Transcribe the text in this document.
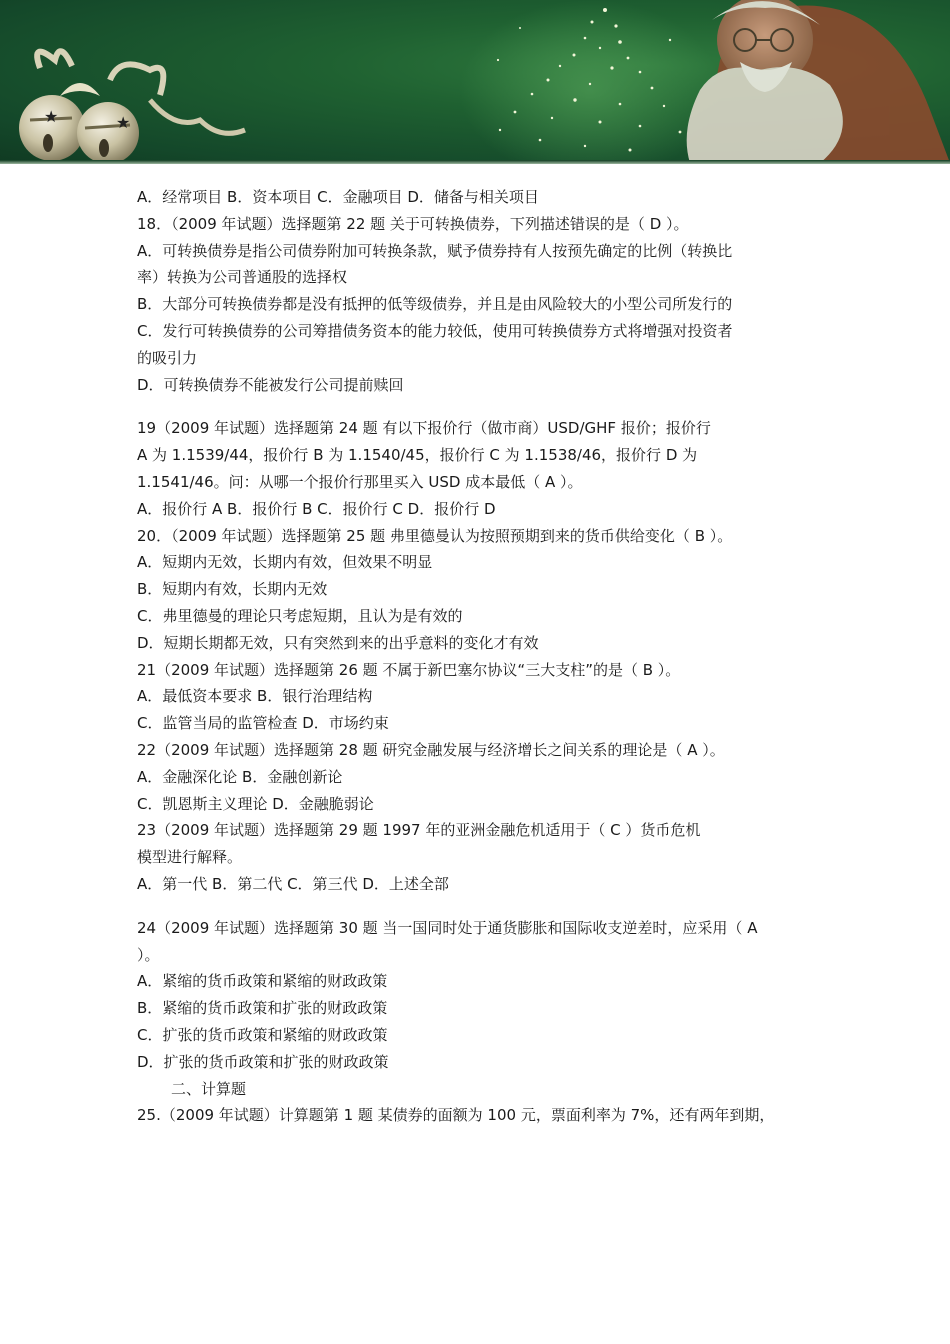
★	★
A．经常项目 B．资本项目 C．金融项目 D．储备与相关项目
18．（2009 年试题）选择题第 22 题 关于可转换债券，下列描述错误的是（ D ）。
A．可转换债券是指公司债券附加可转换条款，赋予债券持有人按预先确定的比例（转换比
率）转换为公司普通股的选择权
B．大部分可转换债券都是没有抵押的低等级债券，并且是由风险较大的小型公司所发行的
C．发行可转换债券的公司筹措债务资本的能力较低，使用可转换债券方式将增强对投资者
的吸引力
D．可转换债券不能被发行公司提前赎回
19（2009 年试题）选择题第 24 题 有以下报价行（做市商）USD/GHF 报价；报价行
A 为 1.1539/44，报价行 B 为 1.1540/45，报价行 C 为 1.1538/46，报价行 D 为
1.1541/46。问：从哪一个报价行那里买入 USD 成本最低（ A ）。
A．报价行 A B．报价行 B C．报价行 C D．报价行 D
20．（2009 年试题）选择题第 25 题 弗里德曼认为按照预期到来的货币供给变化（ B ）。
A．短期内无效，长期内有效，但效果不明显
B．短期内有效，长期内无效
C．弗里德曼的理论只考虑短期，且认为是有效的
D．短期长期都无效，只有突然到来的出乎意料的变化才有效
21（2009 年试题）选择题第 26 题 不属于新巴塞尔协议“三大支柱”的是（ B ）。
A．最低资本要求 B．银行治理结构
C．监管当局的监管检查 D．市场约束
22（2009 年试题）选择题第 28 题 研究金融发展与经济增长之间关系的理论是（ A ）。
A．金融深化论 B．金融创新论
C．凯恩斯主义理论 D．金融脆弱论
23（2009 年试题）选择题第 29 题 1997 年的亚洲金融危机适用于（ C ）货币危机
模型进行解释。
A．第一代 B．第二代 C．第三代 D．上述全部
24（2009 年试题）选择题第 30 题 当一国同时处于通货膨胀和国际收支逆差时，应采用（ A
）。
A．紧缩的货币政策和紧缩的财政政策
B．紧缩的货币政策和扩张的财政政策
C．扩张的货币政策和紧缩的财政政策
D．扩张的货币政策和扩张的财政政策
二、计算题
25.（2009 年试题）计算题第 1 题 某债券的面额为 100 元，票面利率为 7%，还有两年到期，
